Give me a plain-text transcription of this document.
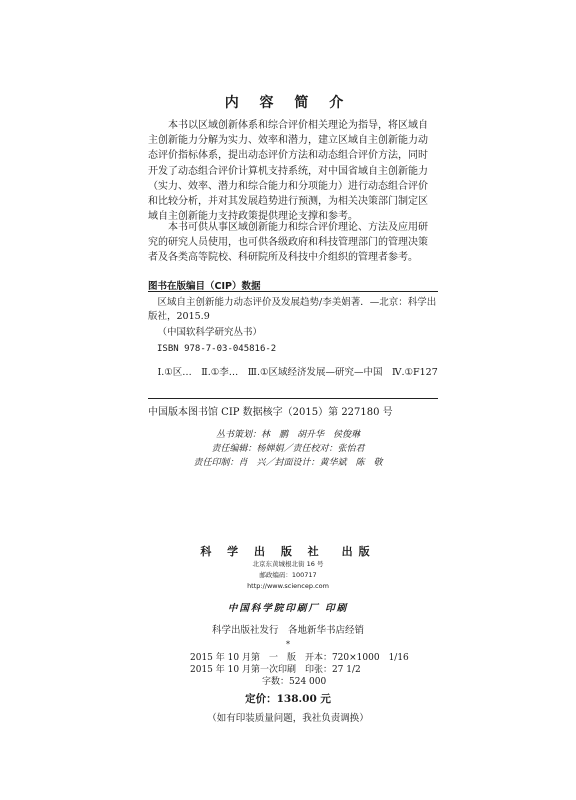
内 容 简 介
本书以区域创新体系和综合评价相关理论为指导，将区域自主创新能力分解为实力、效率和潜力，建立区域自主创新能力动态评价指标体系，提出动态评价方法和动态组合评价方法，同时开发了动态组合评价计算机支持系统，对中国省域自主创新能力（实力、效率、潜力和综合能力和分项能力）进行动态组合评价和比较分析，并对其发展趋势进行预测，为相关决策部门制定区域自主创新能力支持政策提供理论支撑和参考。
本书可供从事区域创新能力和综合评价理论、方法及应用研究的研究人员使用，也可供各级政府和科技管理部门的管理决策者及各类高等院校、科研院所及科技中介组织的管理者参考。
图书在版编目（CIP）数据
区域自主创新能力动态评价及发展趋势/李美娟著．—北京：科学出版社，2015.9
（中国软科学研究丛书）
ISBN 978-7-03-045816-2
Ⅰ.①区…　Ⅱ.①李…　Ⅲ.①区域经济发展—研究—中国　Ⅳ.①F127
中国版本图书馆 CIP 数据核字（2015）第 227180 号
丛书策划：林　鹏　胡升华　侯俊琳
责任编辑：杨婵娟／责任校对：张怡君
责任印制：肖　兴／封面设计：黄华斌　陈　敬
科 学 出 版 社　出版
北京东黄城根北街 16 号
邮政编码：100717
http://www.sciencep.com
中国科学院印刷厂 印刷
科学出版社发行　各地新华书店经销
*
2015 年 10 月第　一　版　开本：720×1000　1/16
2015 年 10 月第一次印刷　印张：27 1/2
字数：524 000
定价：138.00 元
（如有印装质量问题，我社负责调换）
